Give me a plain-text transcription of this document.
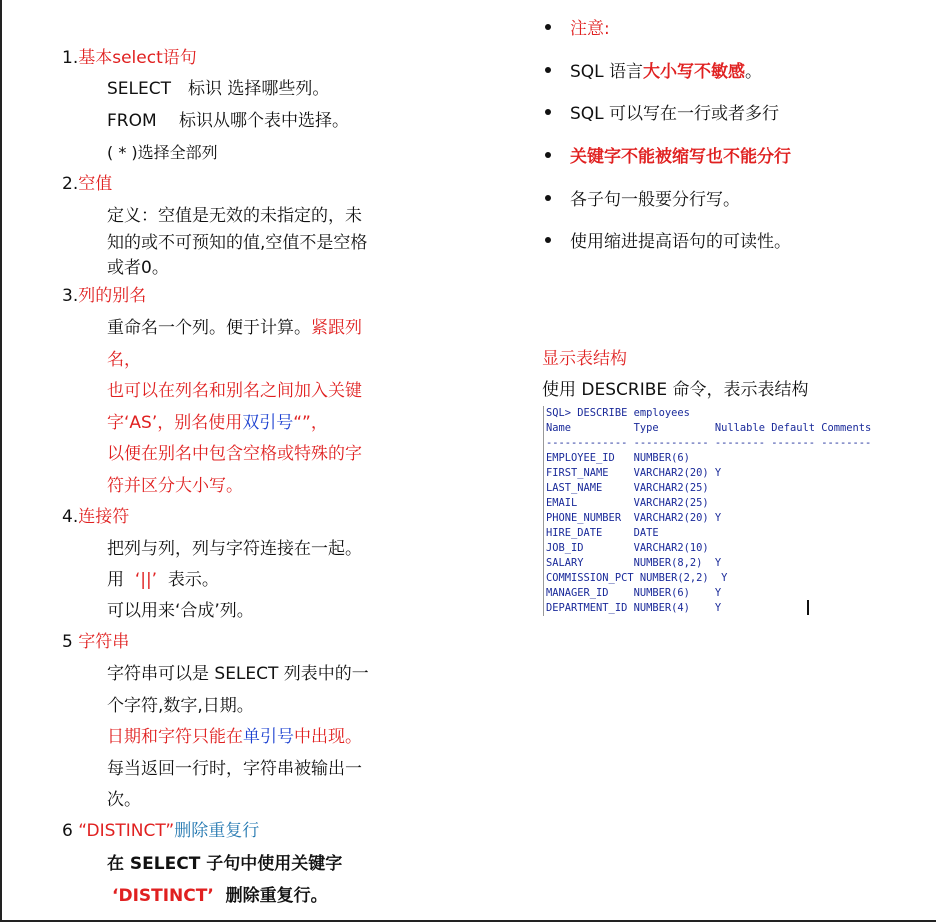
1.基本select语句
SELECT　标识 选择哪些列。
FROM　 标识从哪个表中选择。
( * )选择全部列
2.空值
定义：空值是无效的未指定的，未
知的或不可预知的值,空值不是空格
或者0。
3.列的别名
重命名一个列。便于计算。紧跟列
名，
也可以在列名和别名之间加入关键
字‘AS’，别名使用双引号“”，
以便在别名中包含空格或特殊的字
符并区分大小写。
4.连接符
把列与列，列与字符连接在一起。
用 ‘||’ 表示。
可以用来‘合成’列。
5 字符串
字符串可以是 SELECT 列表中的一
个字符,数字,日期。
日期和字符只能在单引号中出现。
每当返回一行时，字符串被输出一
次。
6 “DISTINCT”删除重复行
在 SELECT 子句中使用关键字
‘DISTINCT’ 删除重复行。
注意:
SQL 语言大小写不敏感。
SQL 可以写在一行或者多行
关键字不能被缩写也不能分行
各子句一般要分行写。
使用缩进提高语句的可读性。
显示表结构
使用 DESCRIBE 命令，表示表结构
SQL> DESCRIBE employees
Name          Type         Nullable Default Comments
------------- ------------ -------- ------- --------
EMPLOYEE_ID   NUMBER(6)
FIRST_NAME    VARCHAR2(20) Y
LAST_NAME     VARCHAR2(25)
EMAIL         VARCHAR2(25)
PHONE_NUMBER  VARCHAR2(20) Y
HIRE_DATE     DATE
JOB_ID        VARCHAR2(10)
SALARY        NUMBER(8,2)  Y
COMMISSION_PCT NUMBER(2,2)  Y
MANAGER_ID    NUMBER(6)    Y
DEPARTMENT_ID NUMBER(4)    Y
